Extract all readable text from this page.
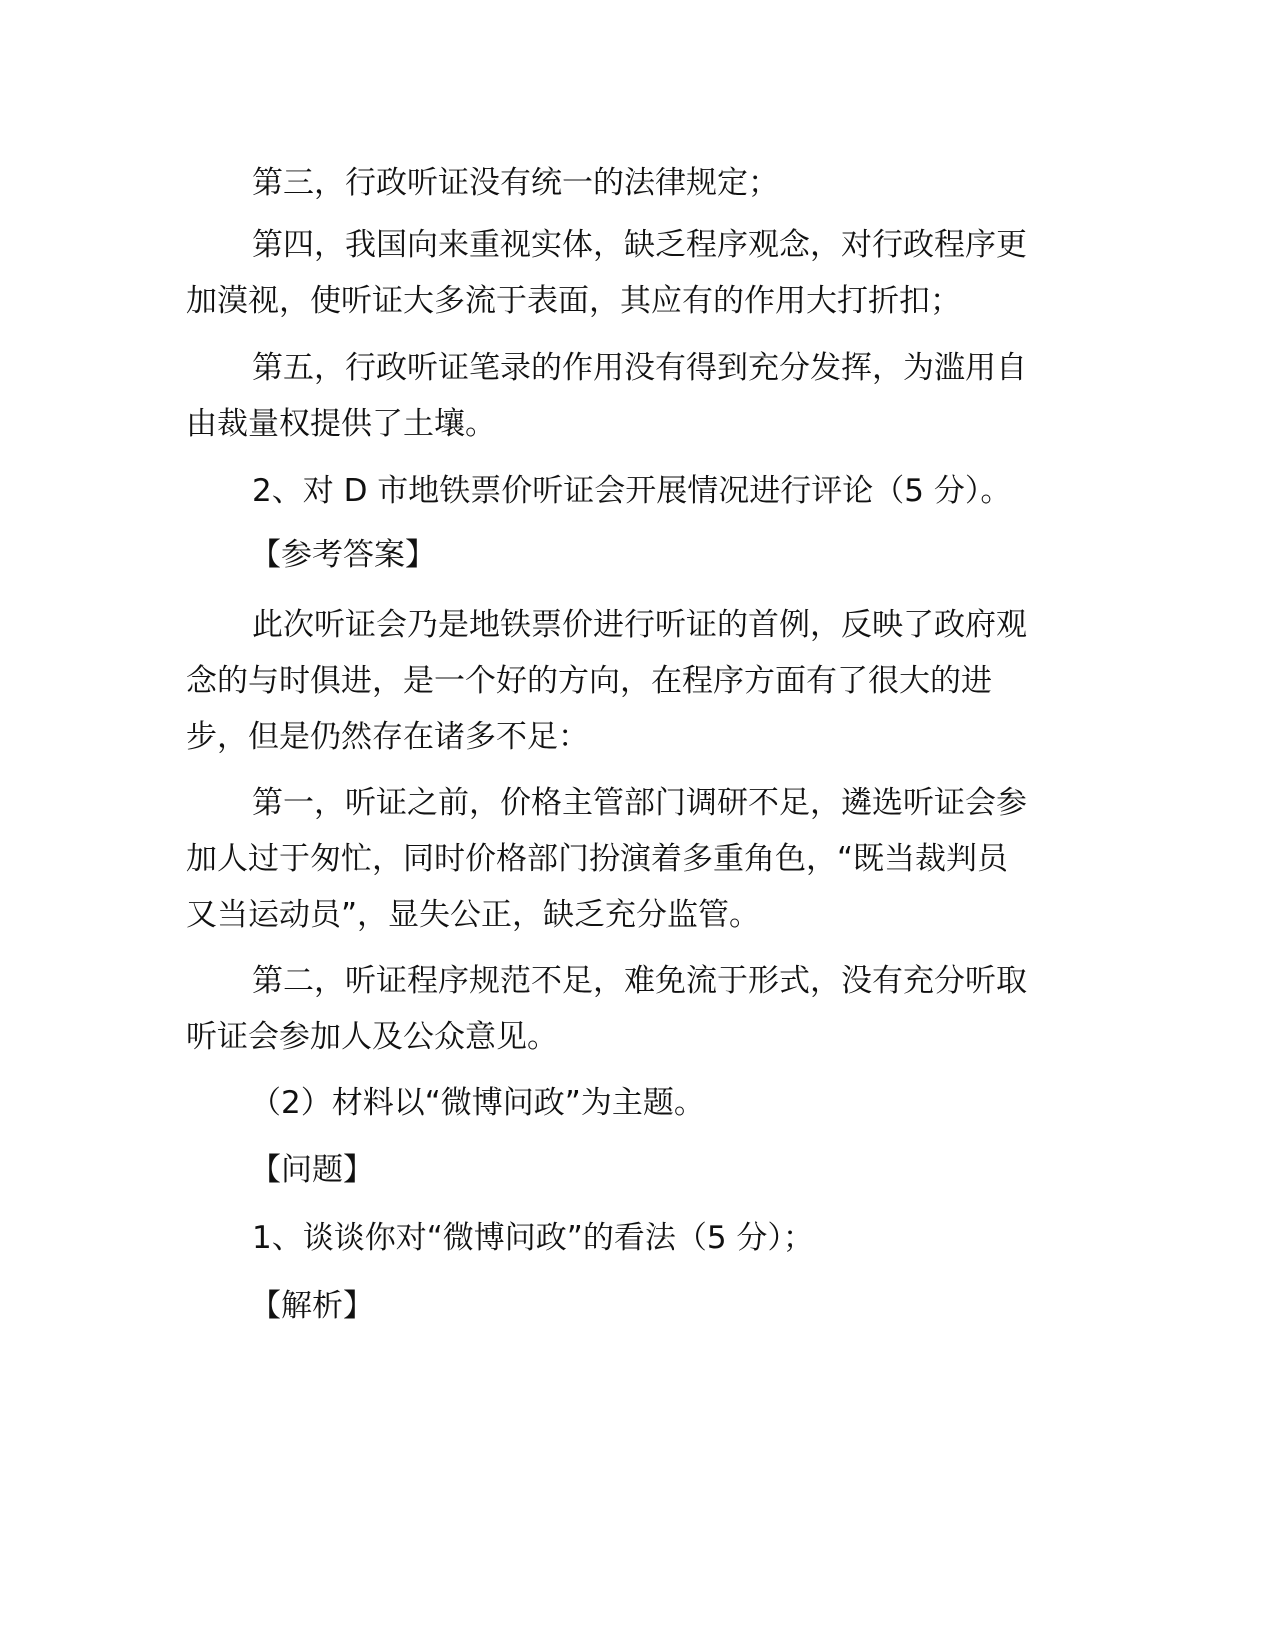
第三，行政听证没有统一的法律规定；
第四，我国向来重视实体，缺乏程序观念，对行政程序更
加漠视，使听证大多流于表面，其应有的作用大打折扣；
第五，行政听证笔录的作用没有得到充分发挥，为滥用自
由裁量权提供了土壤。
2、对 D 市地铁票价听证会开展情况进行评论（5 分）。
【参考答案】
此次听证会乃是地铁票价进行听证的首例，反映了政府观
念的与时俱进，是一个好的方向，在程序方面有了很大的进
步，但是仍然存在诸多不足：
第一，听证之前，价格主管部门调研不足，遴选听证会参
加人过于匆忙，同时价格部门扮演着多重角色，“既当裁判员
又当运动员”，显失公正，缺乏充分监管。
第二，听证程序规范不足，难免流于形式，没有充分听取
听证会参加人及公众意见。
（2）材料以“微博问政”为主题。
【问题】
1、谈谈你对“微博问政”的看法（5 分）；
【解析】
